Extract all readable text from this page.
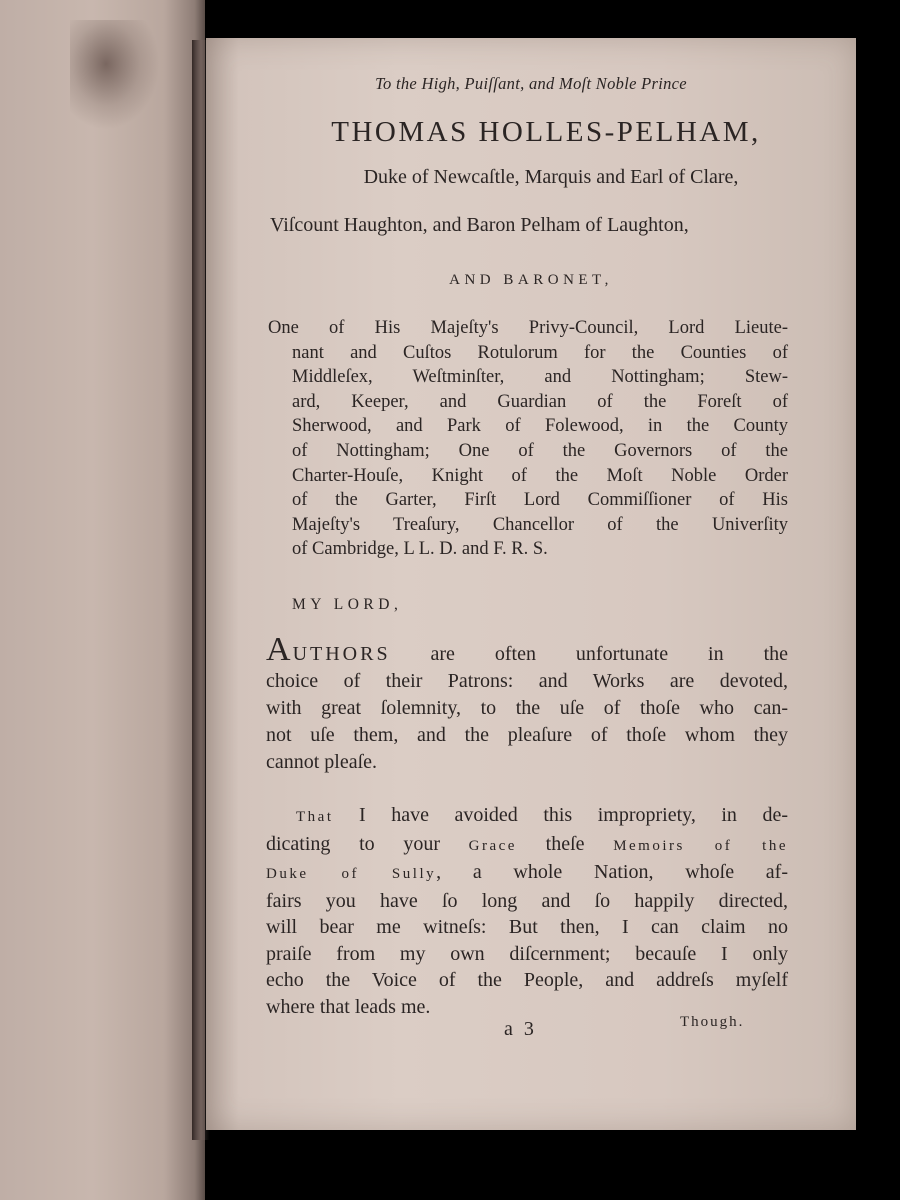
To the High, Puiſſant, and Moſt Noble Prince

THOMAS HOLLES-PELHAM,

Duke of Newcaſtle, Marquis and Earl of Clare,

Viſcount Haughton, and Baron Pelham of Laughton,

AND BARONET,

One of His Majeſty's Privy-Council, Lord Lieute-

nant and Cuſtos Rotulorum for the Counties of

Middleſex, Weſtminſter, and Nottingham; Stew-

ard, Keeper, and Guardian of the Foreſt of

Sherwood, and Park of Folewood, in the County

of Nottingham; One of the Governors of the

Charter-Houſe, Knight of the Moſt Noble Order

of the Garter, Firſt Lord Commiſſioner of His

Majeſty's Treaſury, Chancellor of the Univerſity

of Cambridge, L L. D. and F. R. S.

MY LORD,

AUTHORS are often unfortunate in the

choice of their Patrons: and Works are devoted,

with great ſolemnity, to the uſe of thoſe who can-

not uſe them, and the pleaſure of thoſe whom they

cannot pleaſe.

That I have avoided this impropriety, in de-

dicating to your Grace theſe Memoirs of the

Duke of Sully, a whole Nation, whoſe af-

fairs you have ſo long and ſo happily directed,

will bear me witneſs: But then, I can claim no

praiſe from my own diſcernment; becauſe I only

echo the Voice of the People, and addreſs myſelf

where that leads me.

a 3	Though.
